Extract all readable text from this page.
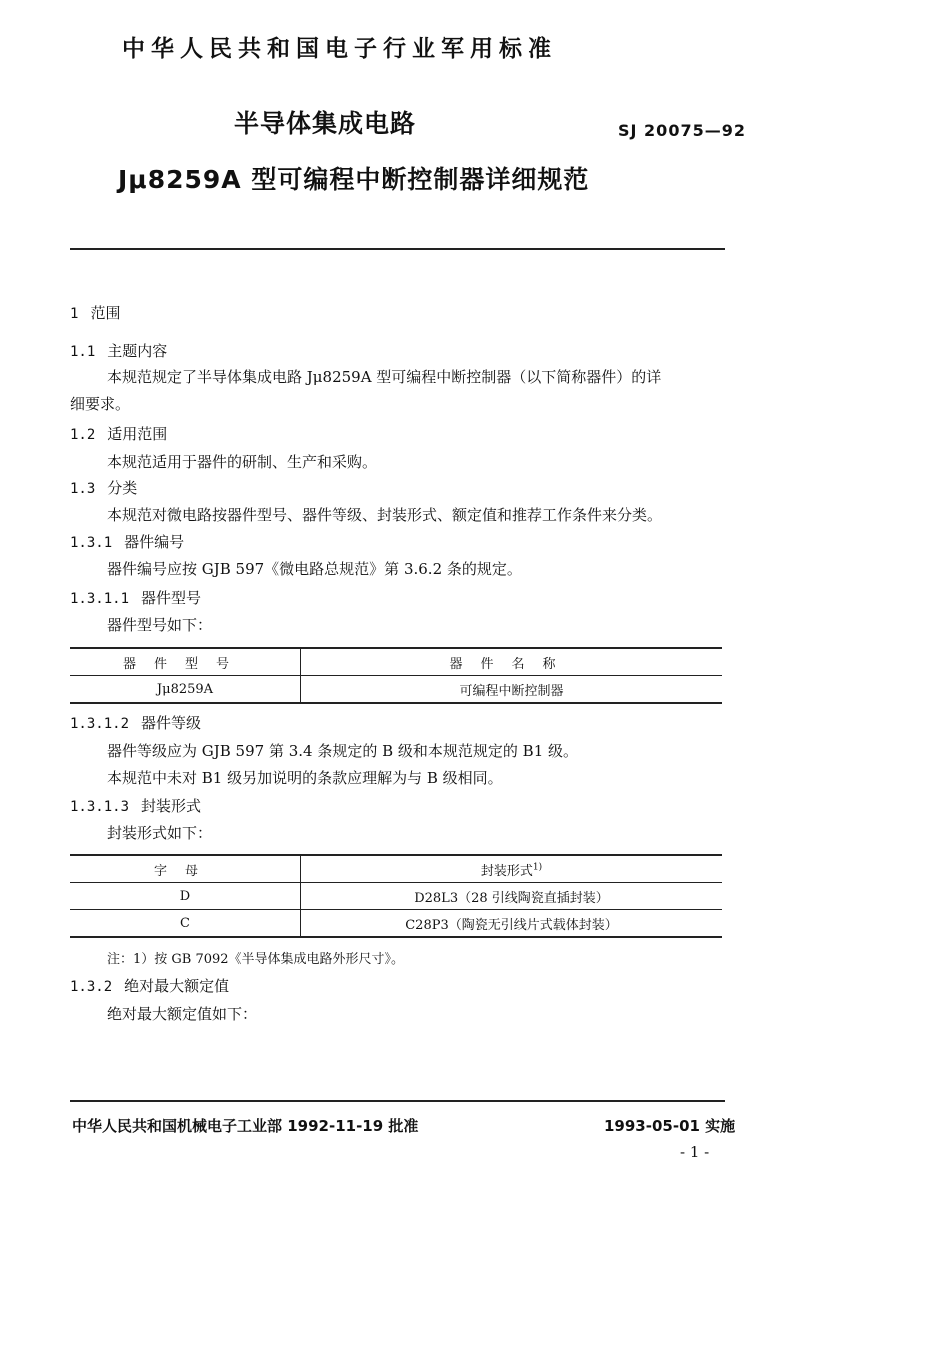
中华人民共和国电子行业军用标准
半导体集成电路	SJ 20075—92
Jμ8259A 型可编程中断控制器详细规范
1 范围
1.1 主题内容
本规范规定了半导体集成电路 Jμ8259A 型可编程中断控制器（以下简称器件）的详
细要求。
1.2 适用范围
本规范适用于器件的研制、生产和采购。
1.3 分类
本规范对微电路按器件型号、器件等级、封装形式、额定值和推荐工作条件来分类。
1.3.1 器件编号
器件编号应按 GJB 597《微电路总规范》第 3.6.2 条的规定。
1.3.1.1 器件型号
器件型号如下：
器件型号	器件名称
Jμ8259A	可编程中断控制器
1.3.1.2 器件等级
器件等级应为 GJB 597 第 3.4 条规定的 B 级和本规范规定的 B1 级。
本规范中未对 B1 级另加说明的条款应理解为与 B 级相同。
1.3.1.3 封装形式
封装形式如下：
字母	封装形式$^{1)}$
D	D28L3（28 引线陶瓷直插封装）
C	C28P3（陶瓷无引线片式载体封装）
注：1）按 GB 7092《半导体集成电路外形尺寸》。
1.3.2 绝对最大额定值
绝对最大额定值如下：
中华人民共和国机械电子工业部 1992-11-19 批准	1993-05-01 实施
- 1 -
